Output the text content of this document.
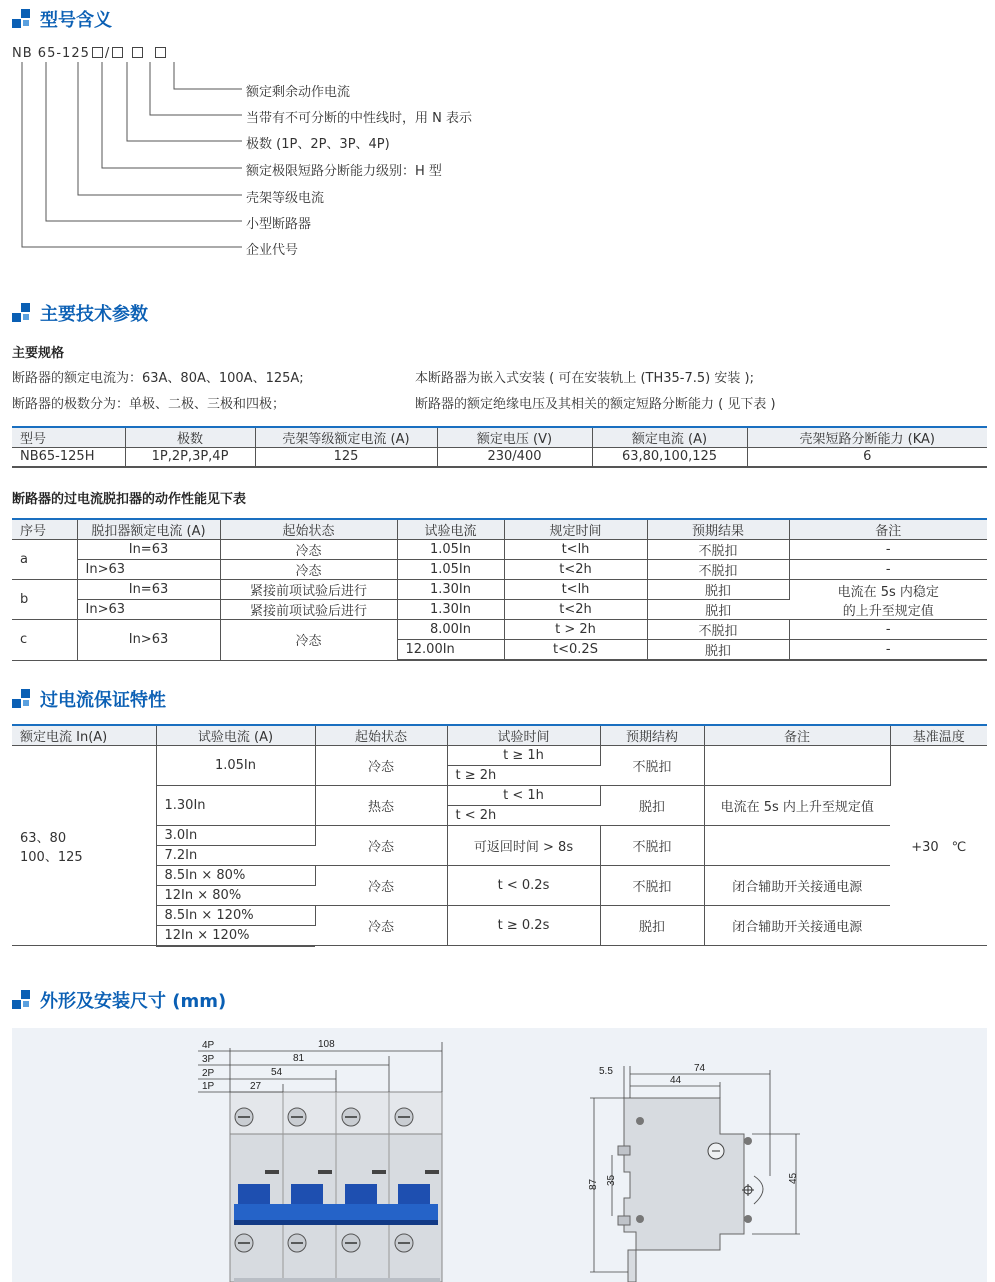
型号含义
NB 65-125 /
额定剩余动作电流
当带有不可分断的中性线时，用 N 表示
极数 (1P、2P、3P、4P)
额定极限短路分断能力级别：H 型
壳架等级电流
小型断路器
企业代号
主要技术参数
主要规格
断路器的额定电流为：63A、80A、100A、125A;	本断路器为嵌入式安装 ( 可在安装轨上 (TH35-7.5) 安装 );
断路器的极数分为：单极、二极、三极和四极；	断路器的额定绝缘电压及其相关的额定短路分断能力 ( 见下表 )
型号	极数	壳架等级额定电流 (A)	额定电压 (V)	额定电流 (A)	壳架短路分断能力 (KA)
NB65-125H	1P,2P,3P,4P	125	230/400	63,80,100,125	6
断路器的过电流脱扣器的动作性能见下表
序号	脱扣器额定电流 (A)	起始状态	试验电流	规定时间	预期结果	备注
a	In=63	冷态	1.05In	t<lh	不脱扣	-
	In>63	冷态	1.05In	t<2h	不脱扣	-
b	In=63	紧接前项试验后进行	1.30In	t<lh	脱扣	电流在 5s 内稳定
的上升至规定值

	In>63	紧接前项试验后进行	1.30In	t<2h	脱扣	
c	In>63	冷态	8.00In	t > 2h	不脱扣	-
			12.00In	t<0.2S	脱扣	-
过电流保证特性
额定电流 In(A)	试验电流 (A)	起始状态	试验时间	预期结构	备注	基准温度

63、80
100、125	1.05In	冷态	t ≥ 1h	不脱扣		+30　℃
			t ≥ 2h			
	1.30In	热态	t < 1h	脱扣	电流在 5s 内上升至规定值	
			t < 2h			
	3.0In	冷态	可返回时间 > 8s	不脱扣		
	7.2In					
	8.5In × 80%	冷态	t < 0.2s	不脱扣	闭合辅助开关接通电源	
	12In × 80%					
	8.5In × 120%	冷态	t ≥ 0.2s	脱扣	闭合辅助开关接通电源	
	12In × 120%					
外形及安装尺寸 (mm)
4P
3P
2P
1P
108
81
54
27
5.5	74
44
87 35	45
